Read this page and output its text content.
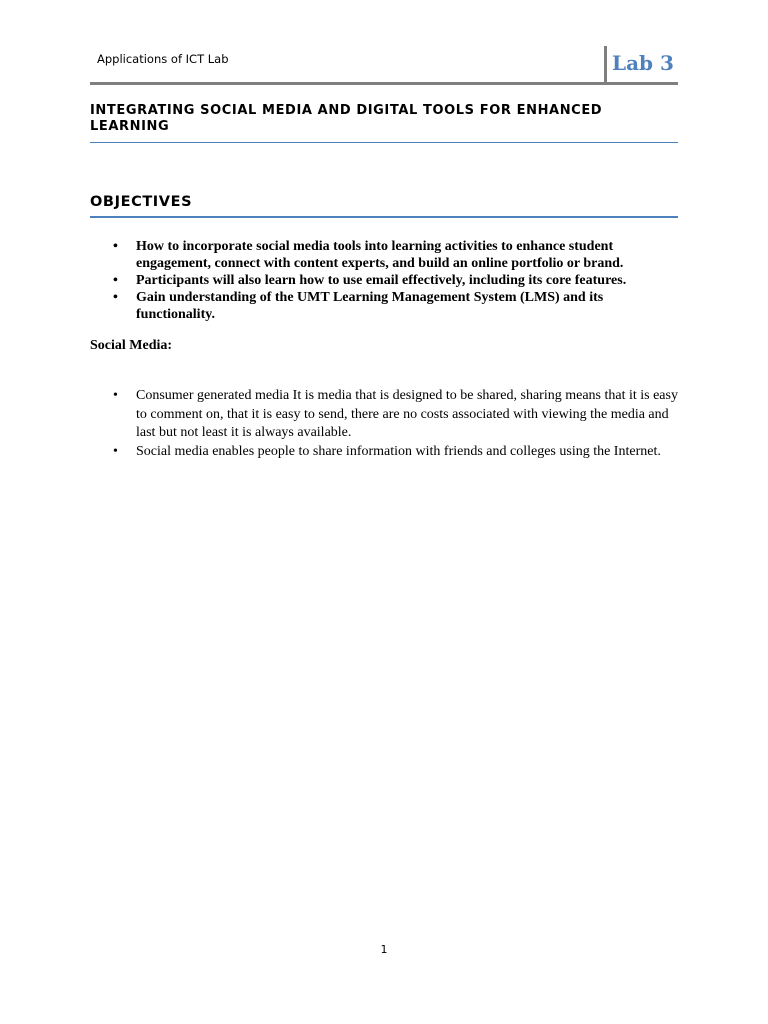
Applications of ICT Lab	Lab 3
INTEGRATING SOCIAL MEDIA AND DIGITAL TOOLS FOR ENHANCED LEARNING
OBJECTIVES
• How to incorporate social media tools into learning activities to enhance student engagement, connect with content experts, and build an online portfolio or brand.
• Participants will also learn how to use email effectively, including its core features.
• Gain understanding of the UMT Learning Management System (LMS) and its functionality.
Social Media:
• Consumer generated media It is media that is designed to be shared, sharing means that it is easy to comment on, that it is easy to send, there are no costs associated with viewing the media and last but not least it is always available.
• Social media enables people to share information with friends and colleges using the Internet.
1
